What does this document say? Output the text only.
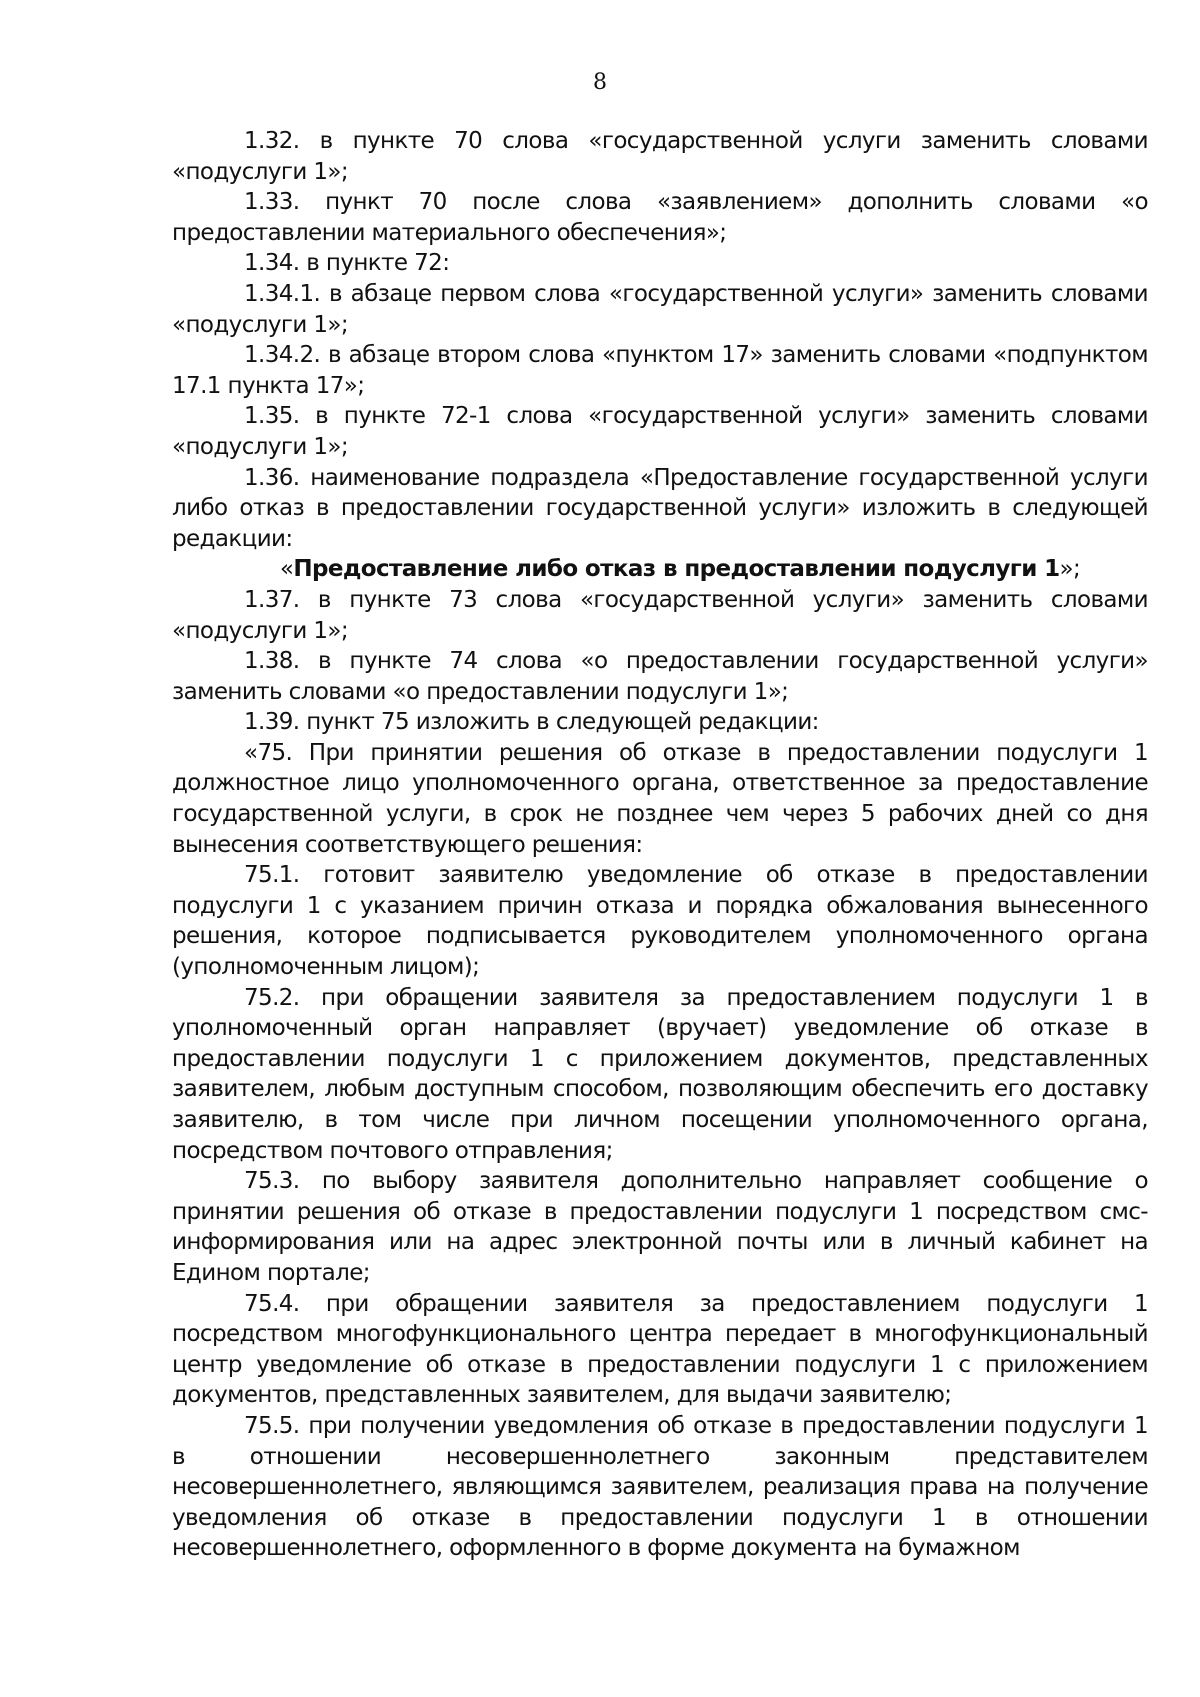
8

1.32. в пункте 70 слова «государственной услуги заменить словами «подуслуги 1»;

1.33. пункт 70 после слова «заявлением» дополнить словами «о предоставлении материального обеспечения»;

1.34. в пункте 72:

1.34.1. в абзаце первом слова «государственной услуги» заменить словами «подуслуги 1»;

1.34.2. в абзаце втором слова «пунктом 17» заменить словами «подпунктом 17.1 пункта 17»;

1.35. в пункте 72-1 слова «государственной услуги» заменить словами «подуслуги 1»;

1.36. наименование подраздела «Предоставление государственной услуги либо отказ в предоставлении государственной услуги» изложить в следующей редакции:

«Предоставление либо отказ в предоставлении подуслуги 1»;

1.37. в пункте 73 слова «государственной услуги» заменить словами «подуслуги 1»;

1.38. в пункте 74 слова «о предоставлении государственной услуги» заменить словами «о предоставлении подуслуги 1»;

1.39. пункт 75 изложить в следующей редакции:

«75. При принятии решения об отказе в предоставлении подуслуги 1 должностное лицо уполномоченного органа, ответственное за предоставление государственной услуги, в срок не позднее чем через 5 рабочих дней со дня вынесения соответствующего решения:

75.1. готовит заявителю уведомление об отказе в предоставлении подуслуги 1 с указанием причин отказа и порядка обжалования вынесенного решения, которое подписывается руководителем уполномоченного органа (уполномоченным лицом);

75.2. при обращении заявителя за предоставлением подуслуги 1 в уполномоченный орган направляет (вручает) уведомление об отказе в предоставлении подуслуги 1 с приложением документов, представленных заявителем, любым доступным способом, позволяющим обеспечить его доставку заявителю, в том числе при личном посещении уполномоченного органа, посредством почтового отправления;

75.3. по выбору заявителя дополнительно направляет сообщение о принятии решения об отказе в предоставлении подуслуги 1 посредством смс-информирования или на адрес электронной почты или в личный кабинет на Едином портале;

75.4. при обращении заявителя за предоставлением подуслуги 1 посредством многофункционального центра передает в многофункциональный центр уведомление об отказе в предоставлении подуслуги 1 с приложением документов, представленных заявителем, для выдачи заявителю;

75.5. при получении уведомления об отказе в предоставлении подуслуги 1 в отношении несовершеннолетнего законным представителем несовершеннолетнего, являющимся заявителем, реализация права на получение уведомления об отказе в предоставлении подуслуги 1 в отношении несовершеннолетнего, оформленного в форме документа на бумажном
